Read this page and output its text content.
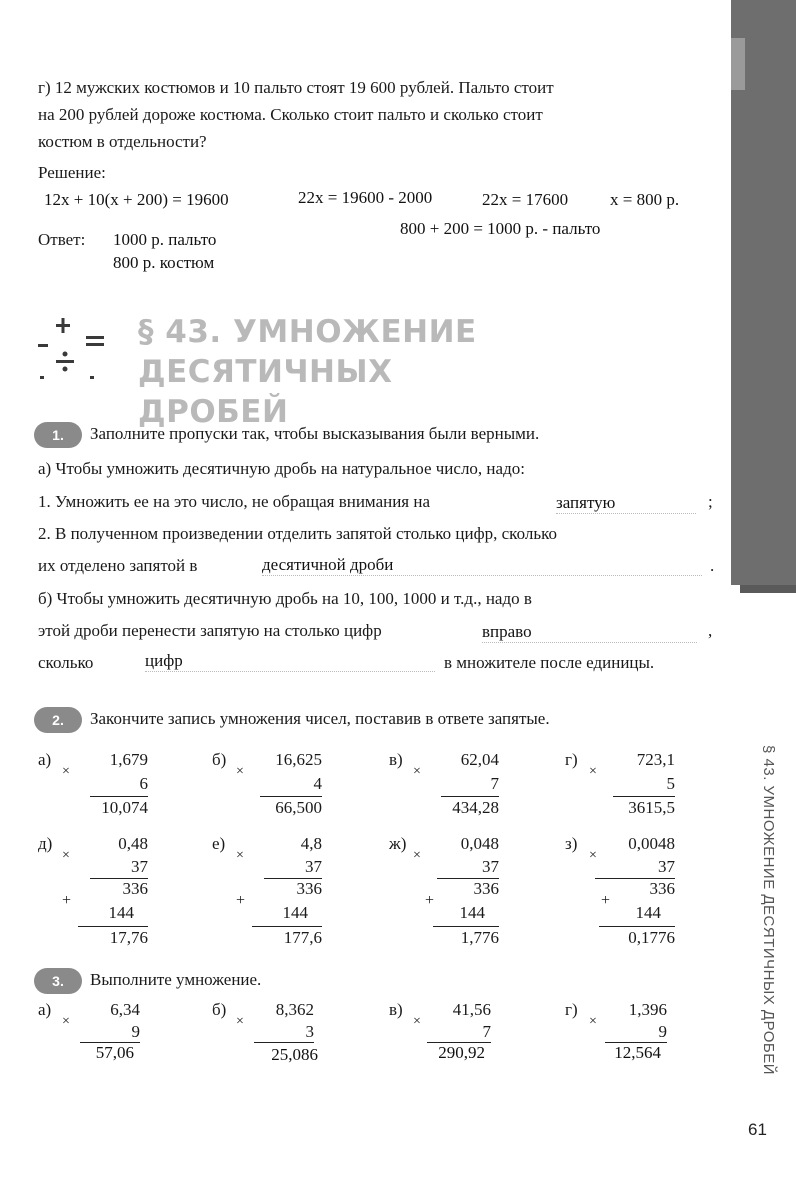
§ 43. УМНОЖЕНИЕ ДЕСЯТИЧНЫХ ДРОБЕЙ
61
г) 12 мужских костюмов и 10 пальто стоят 19 600 рублей. Пальто стоит
на 200 рублей дороже костюма. Сколько стоит пальто и сколько стоит
костюм в отдельности?
Решение:
12x + 10(x + 200) = 19600	22x = 19600 - 2000	22x = 17600 x = 800 р.
800 + 200 = 1000 р. - пальто
Ответ: 1000 р. пальто
800 р. костюм
§ 43. УМНОЖЕНИЕ ДЕСЯТИЧНЫХ
ДРОБЕЙ
1.	Заполните пропуски так, чтобы высказывания были верными.
а) Чтобы умножить десятичную дробь на натуральное число, надо:
1. Умножить ее на это число, не обращая внимания на	запятую	;
2. В полученном произведении отделить запятой столько цифр, сколько
их отделено запятой в	десятичной дроби	.
б) Чтобы умножить десятичную дробь на 10, 100, 1000 и т.д., надо в
этой дроби перенести запятую на столько цифр	вправо	,
сколько	цифр	в множителе после единицы.
2.	Закончите запись умножения чисел, поставив в ответе запятые.
а)
×
1,679
6
10,074
б)
×
16,625
4
66,500
в)
×
62,04
7
434,28
г)
×
723,1
5
3615,5
д)
×
0,48
37
336
+
144
17,76
е)
×
4,8
37
336
+
144
177,6
ж)
×
0,048
37
336
+
144
1,776
з)
×
0,0048
37
336
+
144
0,1776
3.	Выполните умножение.
а)
×
6,34
9
57,06
б)
×
8,362
3
25,086
в)
×
41,56
7
290,92
г)
×
1,396
9
12,564
